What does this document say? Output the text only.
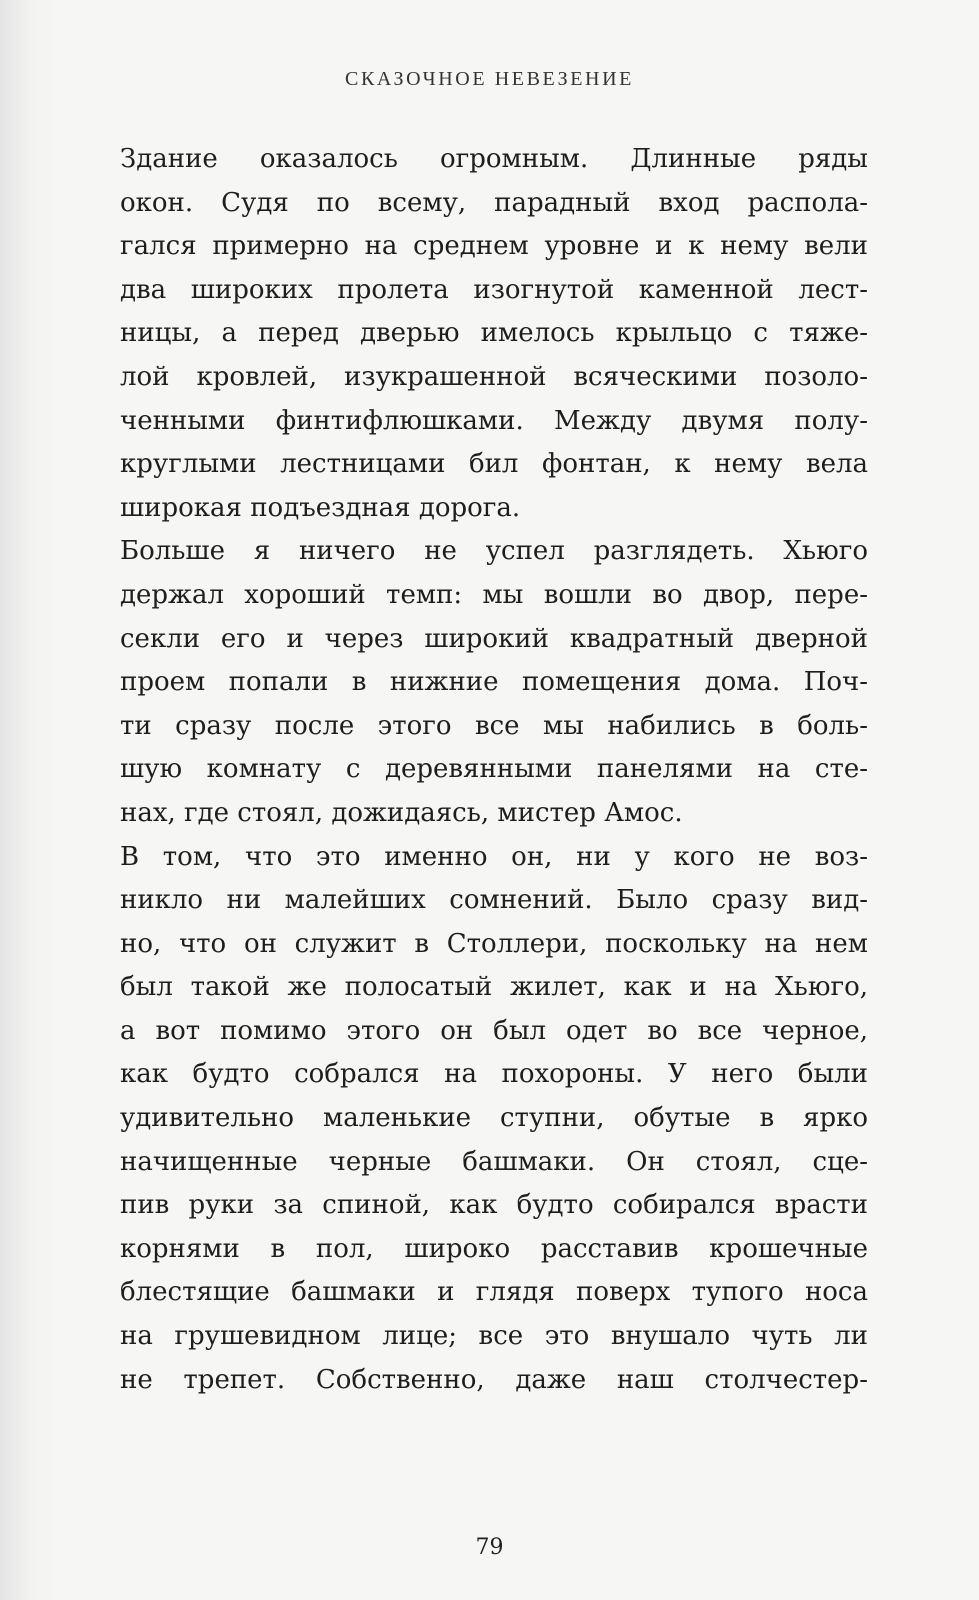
СКАЗОЧНОЕ НЕВЕЗЕНИЕ
Здание оказалось огромным. Длинные ряды
окон. Судя по всему, парадный вход распола-
гался примерно на среднем уровне и к нему вели
два широких пролета изогнутой каменной лест-
ницы, а перед дверью имелось крыльцо с тяже-
лой кровлей, изукрашенной всяческими позоло-
ченными финтифлюшками. Между двумя полу-
круглыми лестницами бил фонтан, к нему вела
широкая подъездная дорога.
Больше я ничего не успел разглядеть. Хьюго
держал хороший темп: мы вошли во двор, пере-
секли его и через широкий квадратный дверной
проем попали в нижние помещения дома. Поч-
ти сразу после этого все мы набились в боль-
шую комнату с деревянными панелями на сте-
нах, где стоял, дожидаясь, мистер Амос.
В том, что это именно он, ни у кого не воз-
никло ни малейших сомнений. Было сразу вид-
но, что он служит в Столлери, поскольку на нем
был такой же полосатый жилет, как и на Хьюго,
а вот помимо этого он был одет во все черное,
как будто собрался на похороны. У него были
удивительно маленькие ступни, обутые в ярко
начищенные черные башмаки. Он стоял, сце-
пив руки за спиной, как будто собирался врасти
корнями в пол, широко расставив крошечные
блестящие башмаки и глядя поверх тупого носа
на грушевидном лице; все это внушало чуть ли
не трепет. Собственно, даже наш столчестер-
79
